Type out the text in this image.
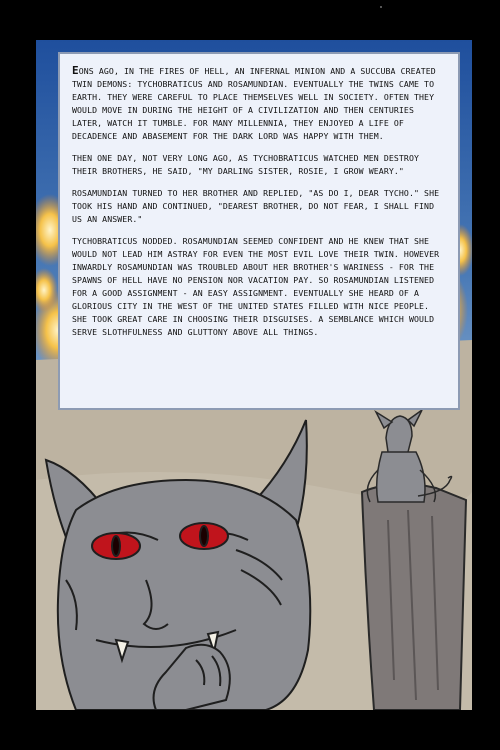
EONS AGO, IN THE FIRES OF HELL, AN INFERNAL MINION AND A SUCCUBA CREATED TWIN DEMONS: TYCHOBRATICUS AND ROSAMUNDIAN. EVENTUALLY THE TWINS CAME TO EARTH. THEY WERE CAREFUL TO PLACE THEMSELVES WELL IN SOCIETY. OFTEN THEY WOULD MOVE IN DURING THE HEIGHT OF A CIVILIZATION AND THEN CENTURIES LATER, WATCH IT TUMBLE. FOR MANY MILLENNIA, THEY ENJOYED A LIFE OF DECADENCE AND ABASEMENT FOR THE DARK LORD WAS HAPPY WITH THEM.

THEN ONE DAY, NOT VERY LONG AGO, AS TYCHOBRATICUS WATCHED MEN DESTROY THEIR BROTHERS, HE SAID, "MY DARLING SISTER, ROSIE, I GROW WEARY."

ROSAMUNDIAN TURNED TO HER BROTHER AND REPLIED, "AS DO I, DEAR TYCHO." SHE TOOK HIS HAND AND CONTINUED, "DEAREST BROTHER, DO NOT FEAR, I SHALL FIND US AN ANSWER."

TYCHOBRATICUS NODDED. ROSAMUNDIAN SEEMED CONFIDENT AND HE KNEW THAT SHE WOULD NOT LEAD HIM ASTRAY FOR EVEN THE MOST EVIL LOVE THEIR TWIN. HOWEVER INWARDLY ROSAMUNDIAN WAS TROUBLED ABOUT HER BROTHER'S WARINESS - FOR THE SPAWNS OF HELL HAVE NO PENSION NOR VACATION PAY. SO ROSAMUNDIAN LISTENED FOR A GOOD ASSIGNMENT - AN EASY ASSIGNMENT. EVENTUALLY SHE HEARD OF A GLORIOUS CITY IN THE WEST OF THE UNITED STATES FILLED WITH NICE PEOPLE. SHE TOOK GREAT CARE IN CHOOSING THEIR DISGUISES. A SEMBLANCE WHICH WOULD SERVE SLOTHFULNESS AND GLUTTONY ABOVE ALL THINGS.
